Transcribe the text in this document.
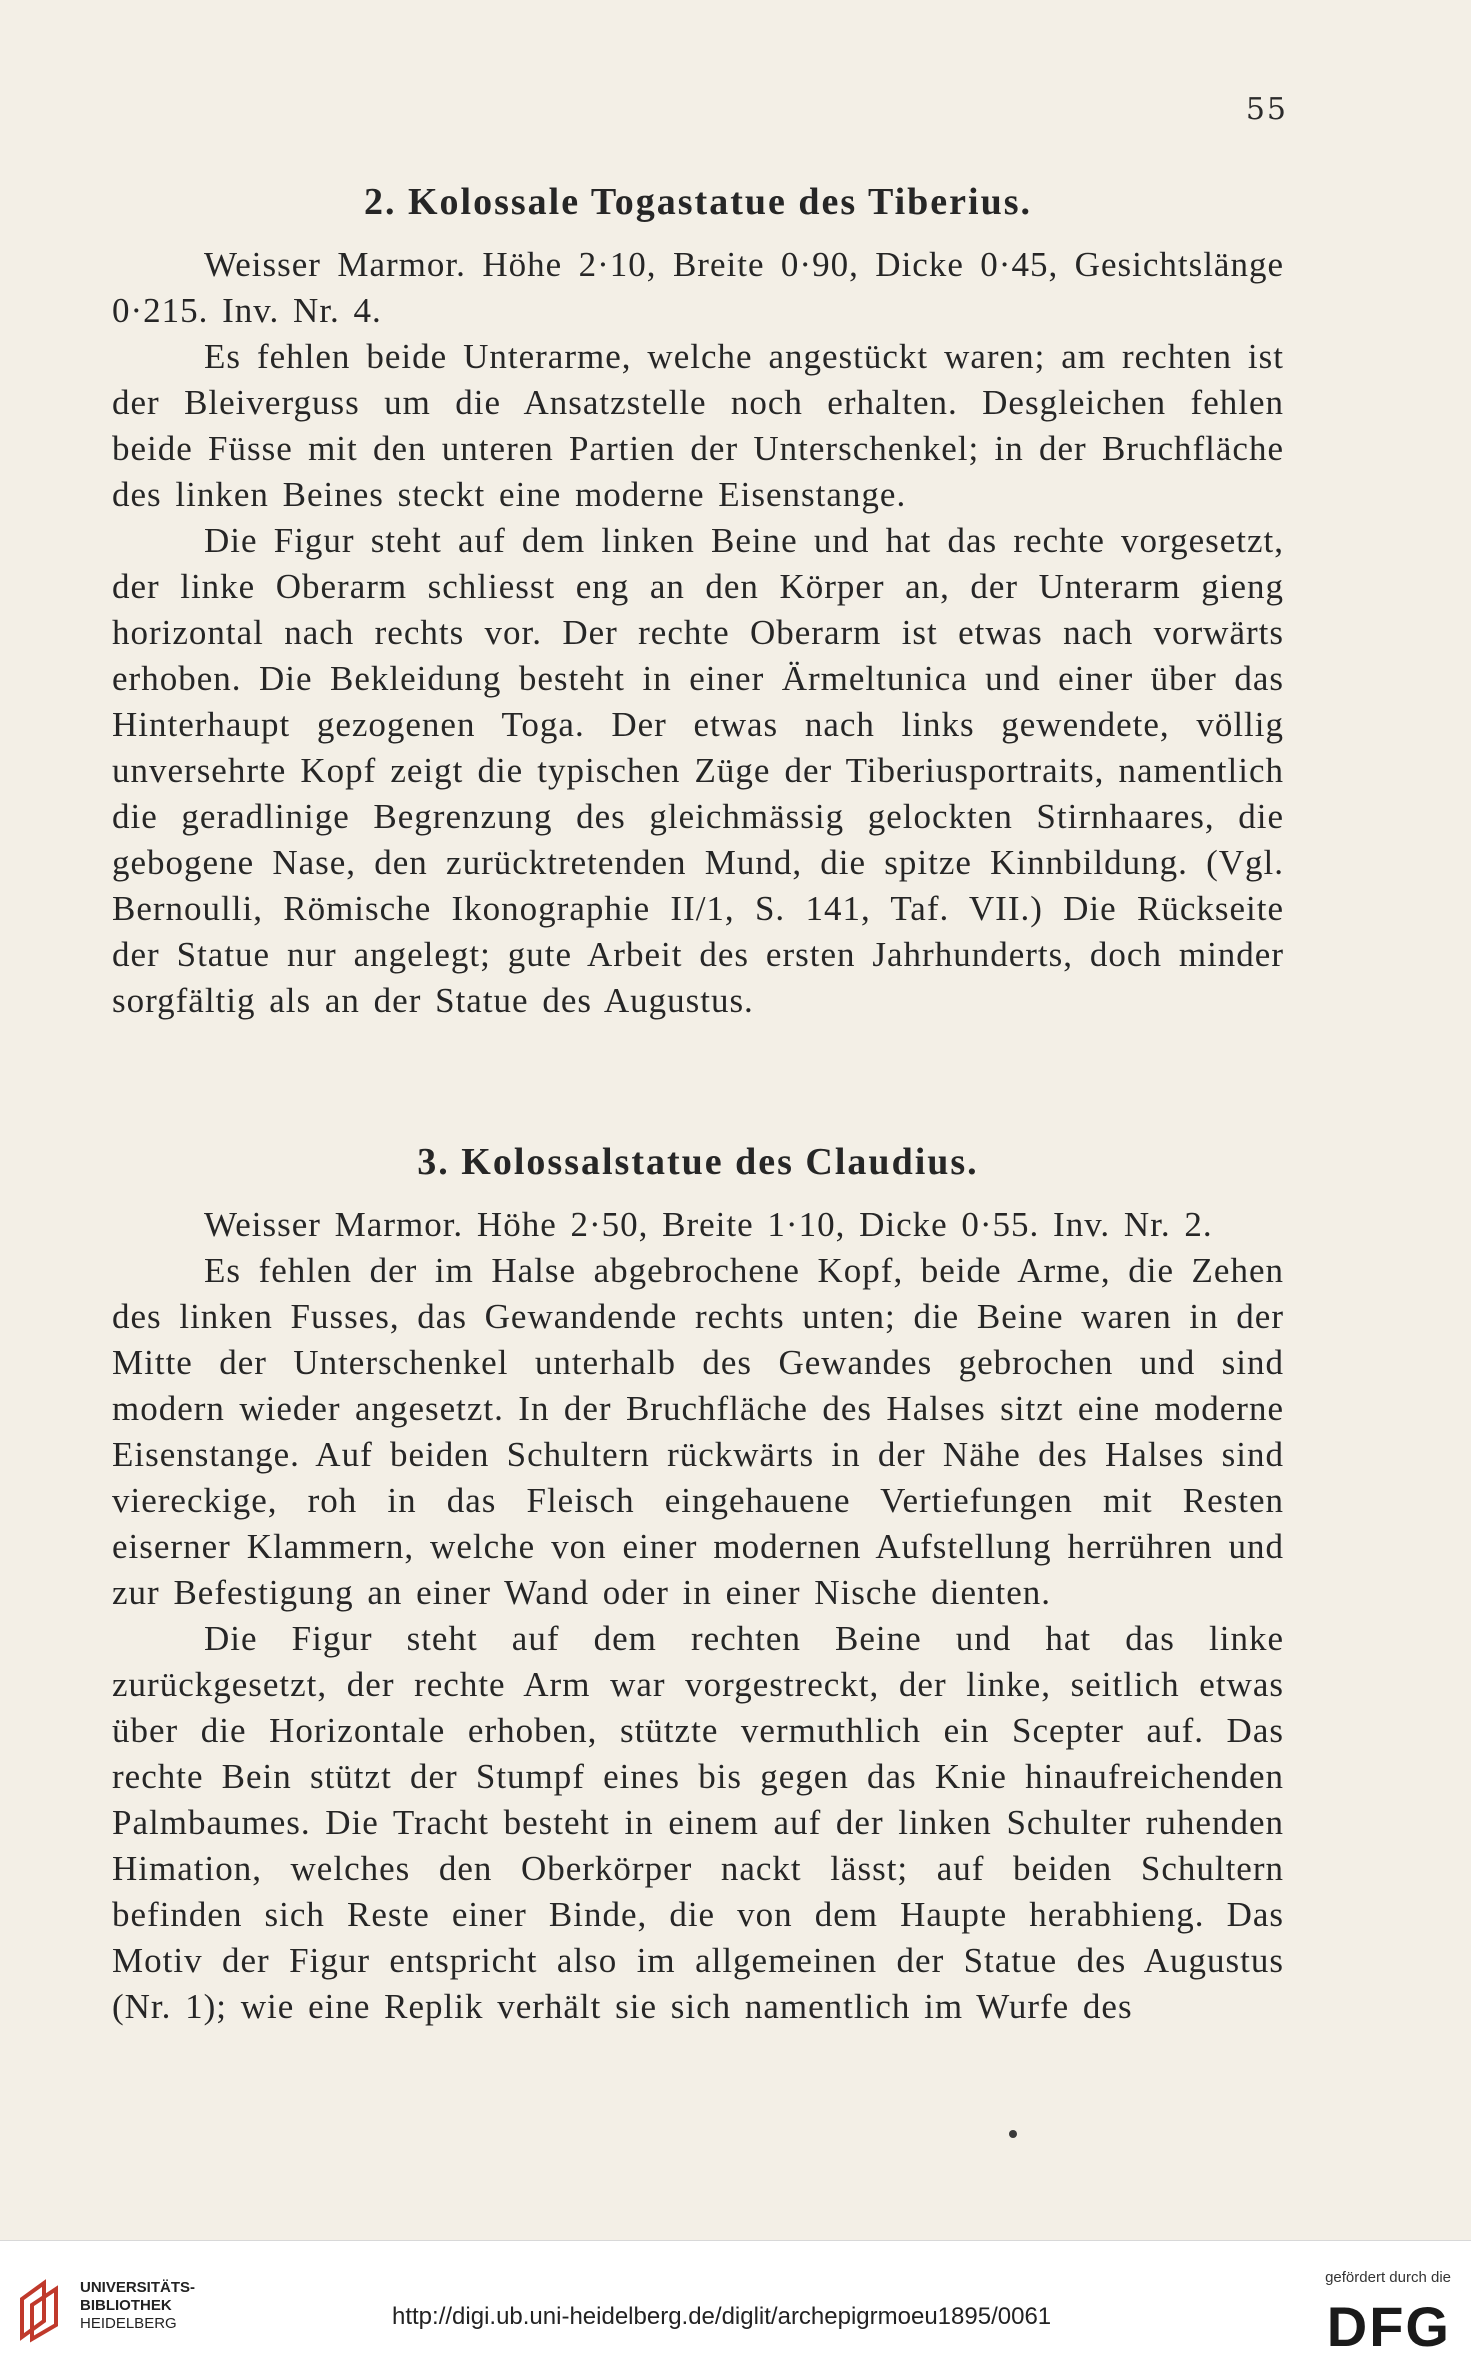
55

2. Kolossale Togastatue des Tiberius.

Weisser Marmor. Höhe 2·10, Breite 0·90, Dicke 0·45, Gesichtslänge 0·215. Inv. Nr. 4.

Es fehlen beide Unterarme, welche angestückt waren; am rechten ist der Bleiverguss um die Ansatzstelle noch erhalten. Desgleichen fehlen beide Füsse mit den unteren Partien der Unterschenkel; in der Bruchfläche des linken Beines steckt eine moderne Eisenstange.

Die Figur steht auf dem linken Beine und hat das rechte vorgesetzt, der linke Oberarm schliesst eng an den Körper an, der Unterarm gieng horizontal nach rechts vor. Der rechte Oberarm ist etwas nach vorwärts erhoben. Die Bekleidung besteht in einer Ärmeltunica und einer über das Hinterhaupt gezogenen Toga. Der etwas nach links gewendete, völlig unversehrte Kopf zeigt die typischen Züge der Tiberiusportraits, namentlich die geradlinige Begrenzung des gleichmässig gelockten Stirnhaares, die gebogene Nase, den zurücktretenden Mund, die spitze Kinnbildung. (Vgl. Bernoulli, Römische Ikonographie II/1, S. 141, Taf. VII.) Die Rückseite der Statue nur angelegt; gute Arbeit des ersten Jahrhunderts, doch minder sorgfältig als an der Statue des Augustus.

3. Kolossalstatue des Claudius.

Weisser Marmor. Höhe 2·50, Breite 1·10, Dicke 0·55. Inv. Nr. 2.

Es fehlen der im Halse abgebrochene Kopf, beide Arme, die Zehen des linken Fusses, das Gewandende rechts unten; die Beine waren in der Mitte der Unterschenkel unterhalb des Gewandes gebrochen und sind modern wieder angesetzt. In der Bruchfläche des Halses sitzt eine moderne Eisenstange. Auf beiden Schultern rückwärts in der Nähe des Halses sind viereckige, roh in das Fleisch eingehauene Vertiefungen mit Resten eiserner Klammern, welche von einer modernen Aufstellung herrühren und zur Befestigung an einer Wand oder in einer Nische dienten.

Die Figur steht auf dem rechten Beine und hat das linke zurückgesetzt, der rechte Arm war vorgestreckt, der linke, seitlich etwas über die Horizontale erhoben, stützte vermuthlich ein Scepter auf. Das rechte Bein stützt der Stumpf eines bis gegen das Knie hinaufreichenden Palmbaumes. Die Tracht besteht in einem auf der linken Schulter ruhenden Himation, welches den Oberkörper nackt lässt; auf beiden Schultern befinden sich Reste einer Binde, die von dem Haupte herabhieng. Das Motiv der Figur entspricht also im allgemeinen der Statue des Augustus (Nr. 1); wie eine Replik verhält sie sich namentlich im Wurfe des

UNIVERSITÄTS-
BIBLIOTHEK
HEIDELBERG	http://digi.ub.uni-heidelberg.de/diglit/archepigrmoeu1895/0061
gefördert durch die
DFG
